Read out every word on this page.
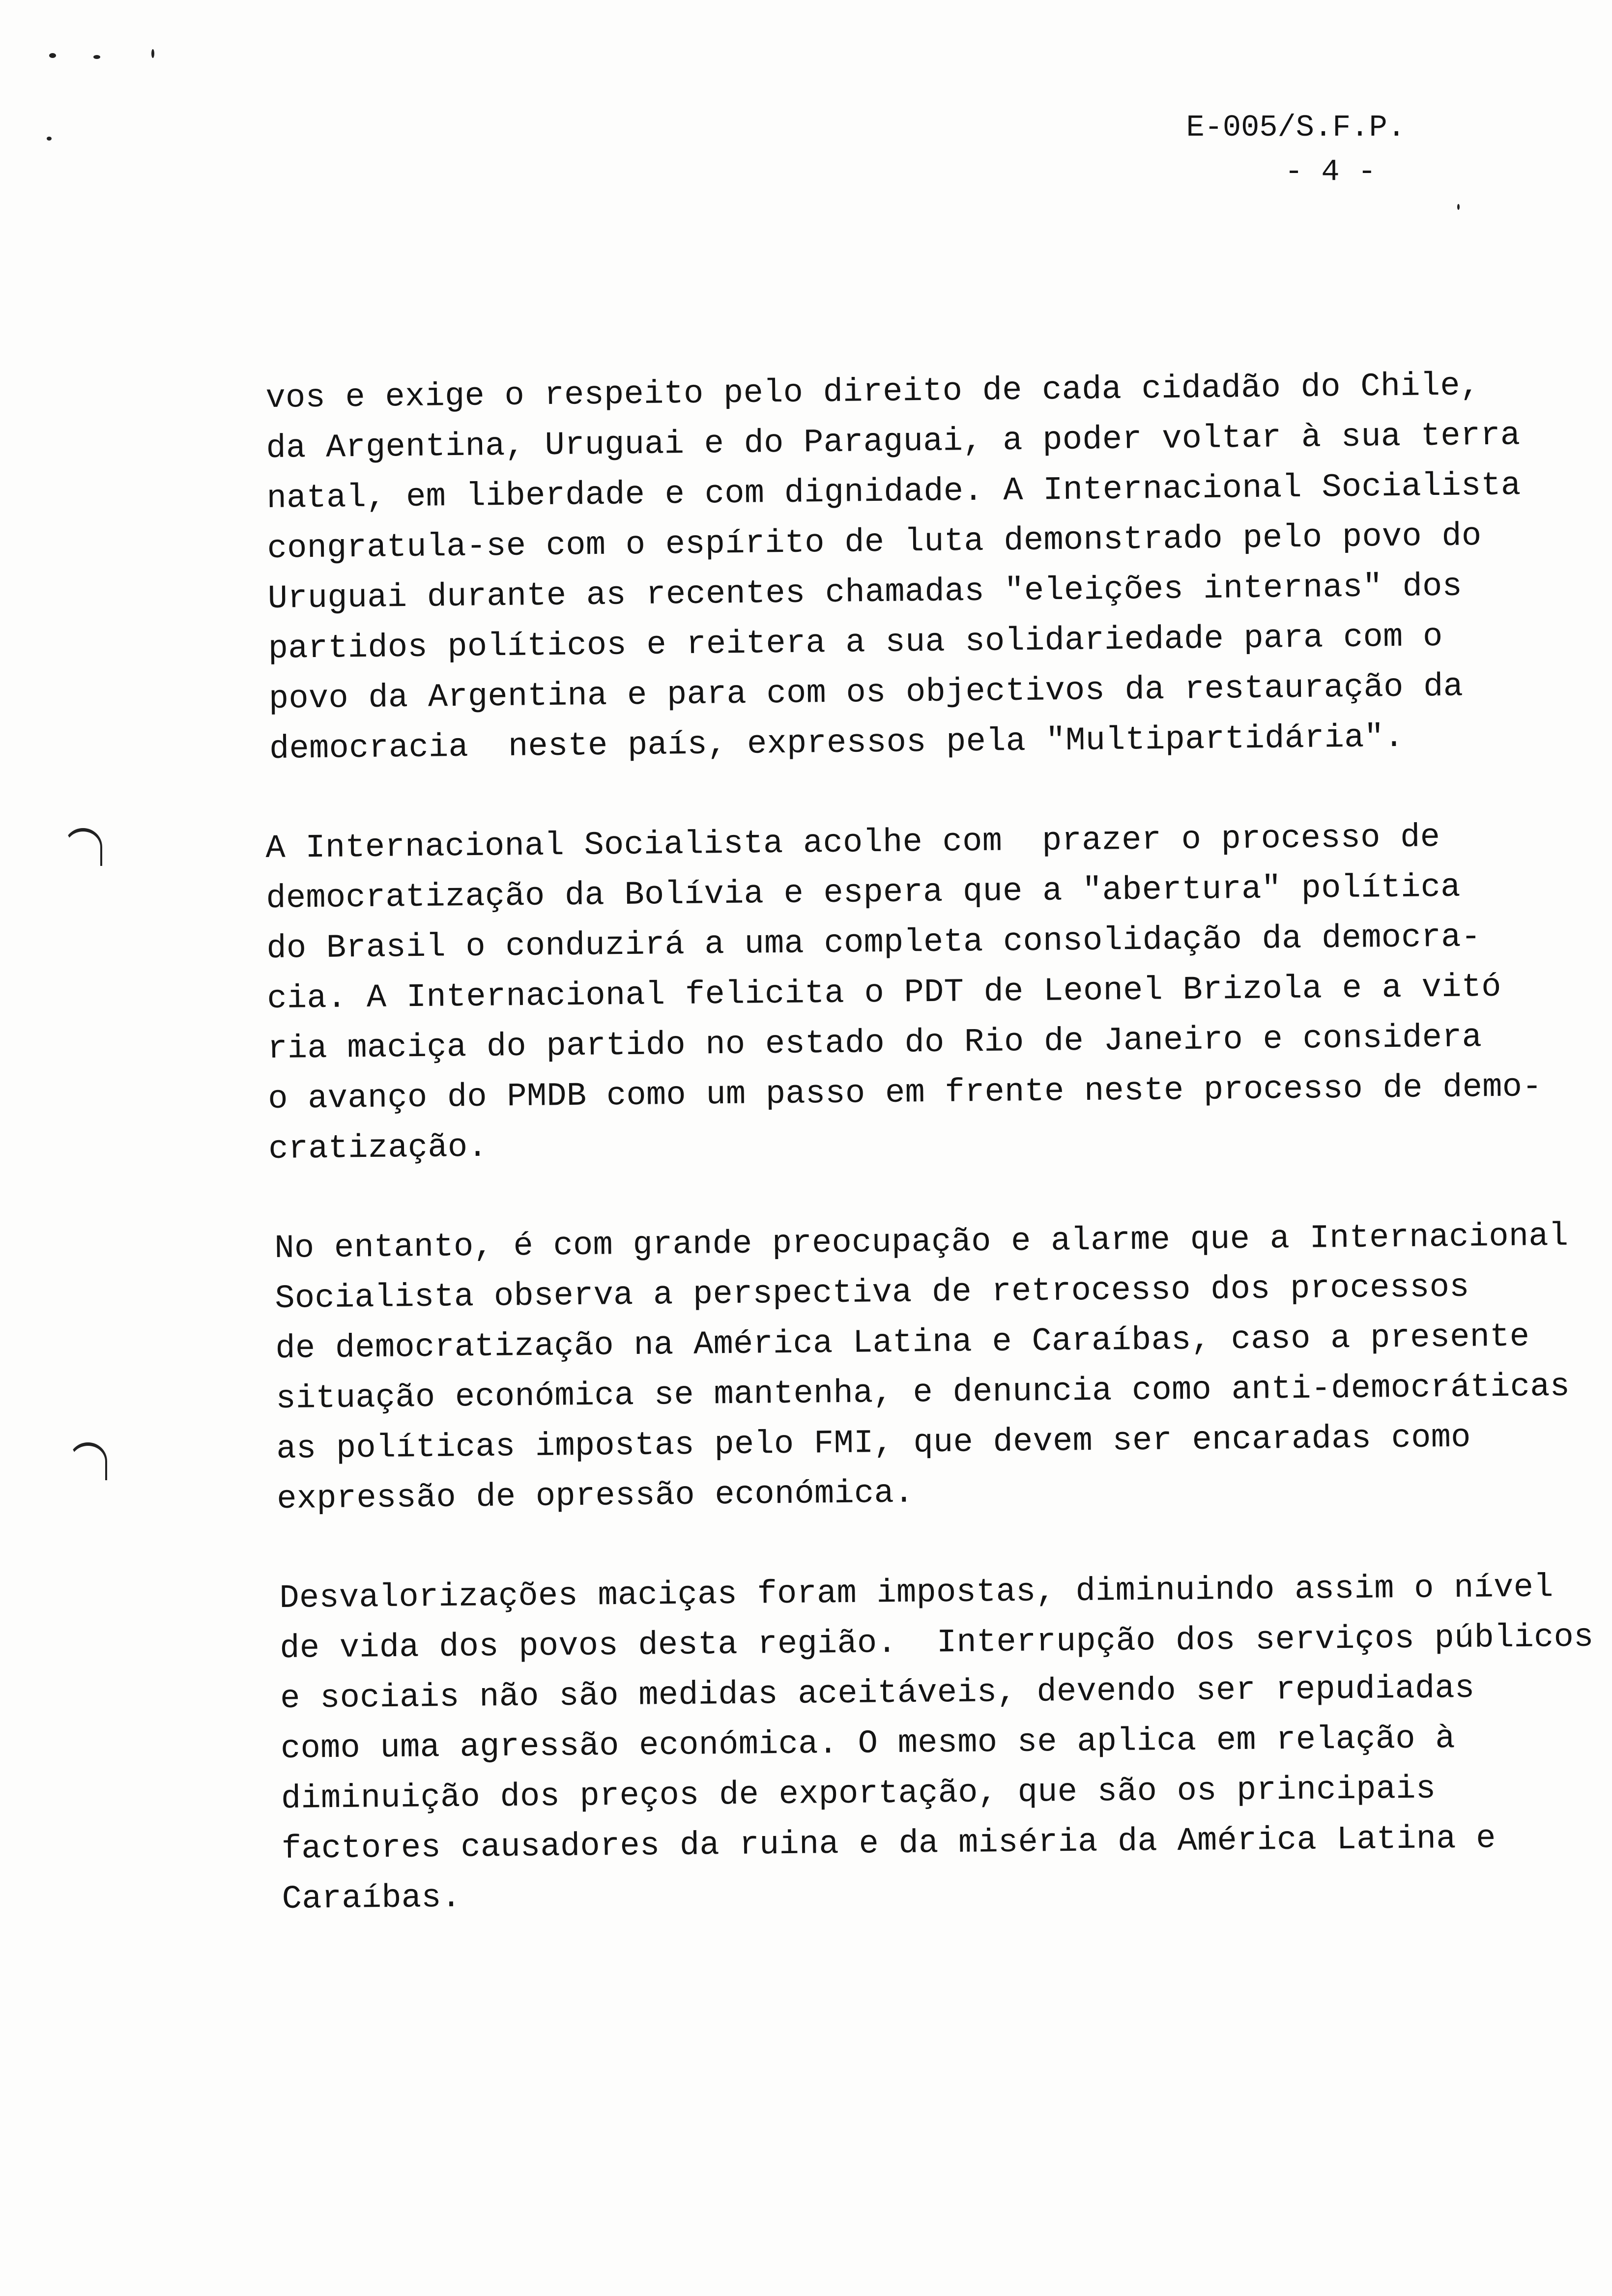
E-005/S.F.P.
- 4 -

vos e exige o respeito pelo direito de cada cidadão do Chile,
da Argentina, Uruguai e do Paraguai, a poder voltar à sua terra
natal, em liberdade e com dignidade. A Internacional Socialista
congratula-se com o espírito de luta demonstrado pelo povo do
Uruguai durante as recentes chamadas "eleições internas" dos
partidos políticos e reitera a sua solidariedade para com o
povo da Argentina e para com os objectivos da restauração da
democracia  neste país, expressos pela "Multipartidária".

A Internacional Socialista acolhe com  prazer o processo de
democratização da Bolívia e espera que a "abertura" política
do Brasil o conduzirá a uma completa consolidação da democra-
cia. A Internacional felicita o PDT de Leonel Brizola e a vitó
ria maciça do partido no estado do Rio de Janeiro e considera
o avanço do PMDB como um passo em frente neste processo de demo-
cratização.

No entanto, é com grande preocupação e alarme que a Internacional
Socialista observa a perspectiva de retrocesso dos processos
de democratização na América Latina e Caraíbas, caso a presente
situação económica se mantenha, e denuncia como anti-democráticas
as políticas impostas pelo FMI, que devem ser encaradas como
expressão de opressão económica.

Desvalorizações maciças foram impostas, diminuindo assim o nível
de vida dos povos desta região.  Interrupção dos serviços públicos
e sociais não são medidas aceitáveis, devendo ser repudiadas
como uma agressão económica. O mesmo se aplica em relação à
diminuição dos preços de exportação, que são os principais
factores causadores da ruina e da miséria da América Latina e
Caraíbas.
